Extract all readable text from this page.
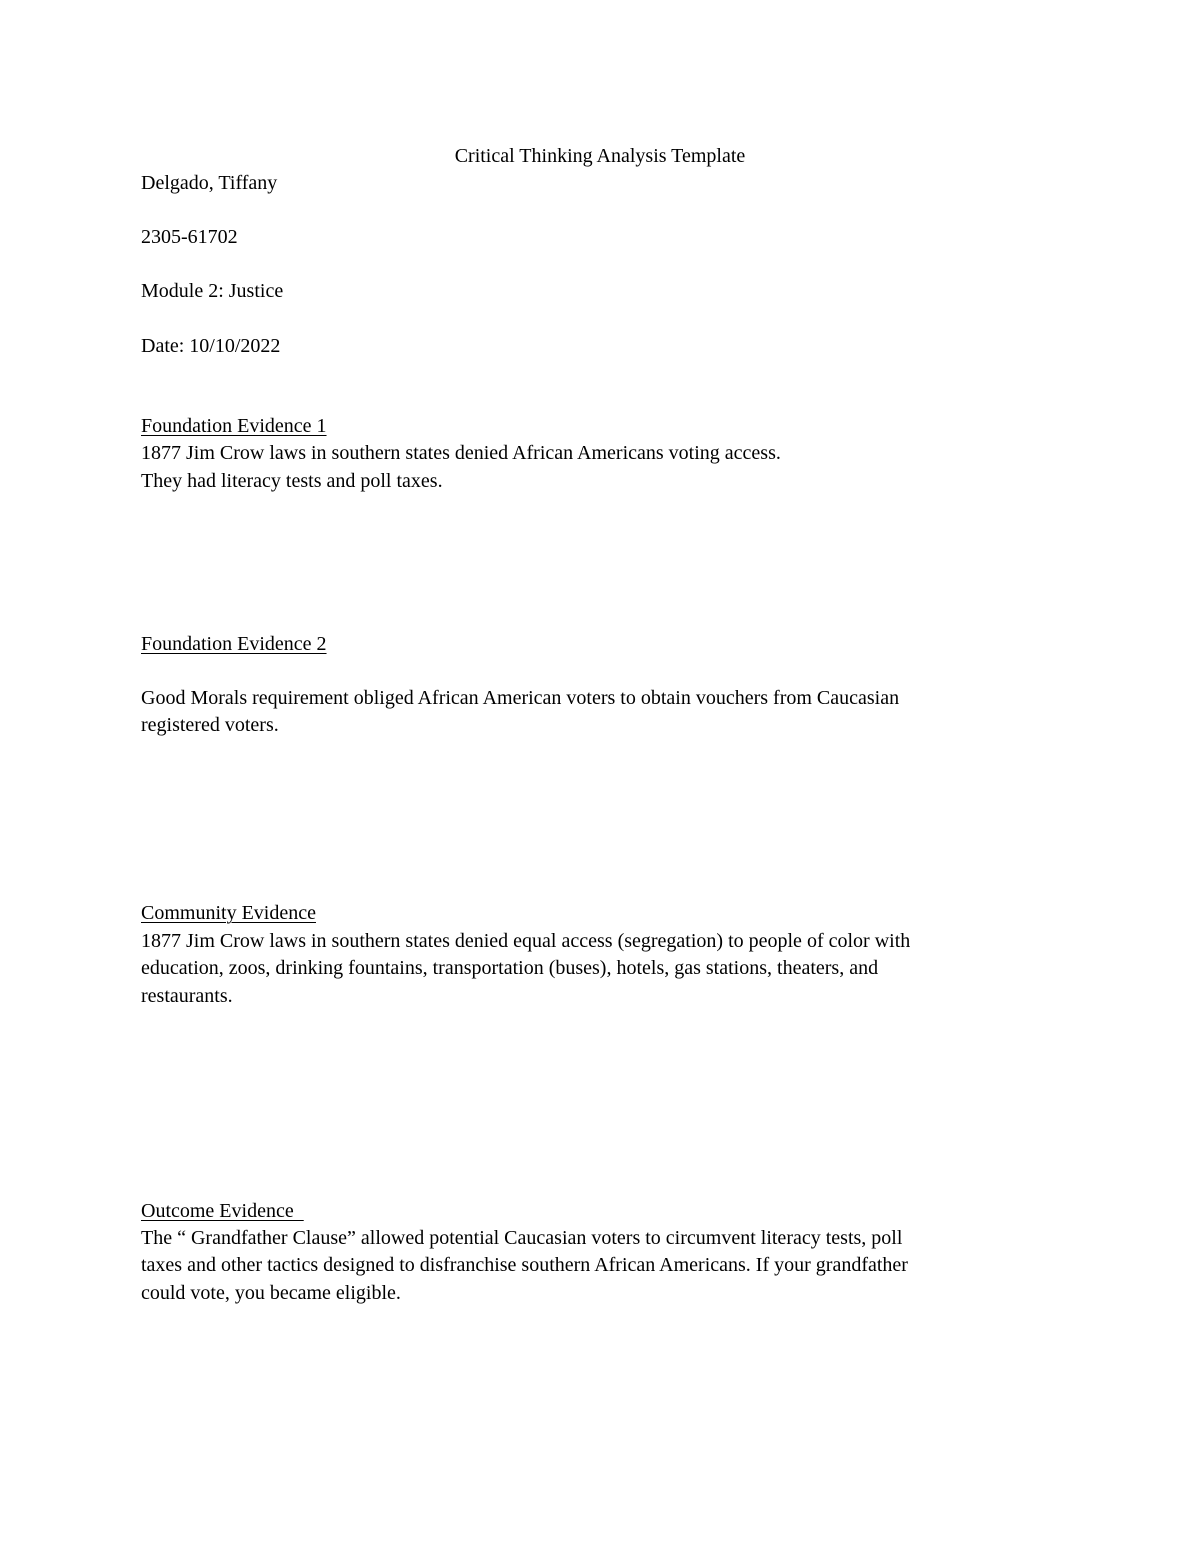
Critical Thinking Analysis Template
Delgado, Tiffany
2305-61702
Module 2: Justice
Date: 10/10/2022
Foundation Evidence 1
1877 Jim Crow laws in southern states denied African Americans voting access.
They had literacy tests and poll taxes.
Foundation Evidence 2
Good Morals requirement obliged African American voters to obtain vouchers from Caucasian
registered voters.
Community Evidence
1877 Jim Crow laws in southern states denied equal access (segregation) to people of color with
education, zoos, drinking fountains, transportation (buses), hotels, gas stations, theaters, and
restaurants.
Outcome Evidence
The “ Grandfather Clause” allowed potential Caucasian voters to circumvent literacy tests, poll
taxes and other tactics designed to disfranchise southern African Americans. If your grandfather
could vote, you became eligible.
